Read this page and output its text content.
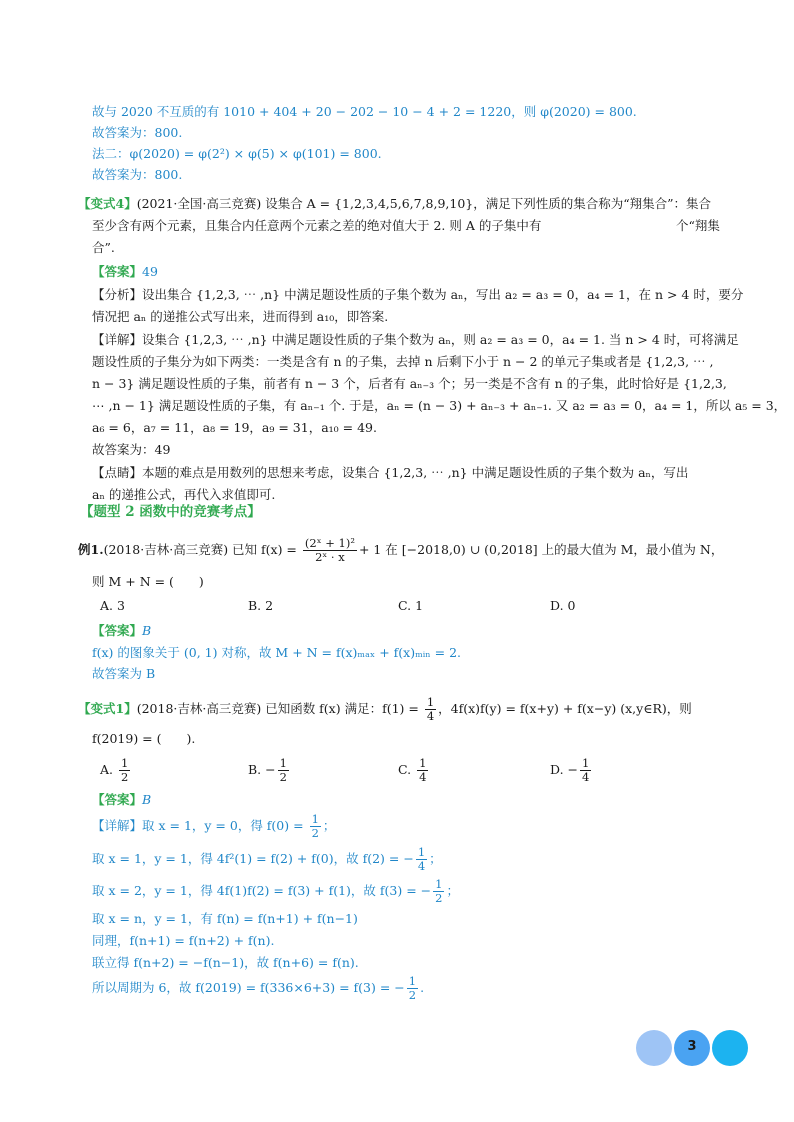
故与 2020 不互质的有 1010 + 404 + 20 − 202 − 10 − 4 + 2 = 1220，则 φ(2020) = 800.
故答案为：800.
法二：φ(2020) = φ(2²) × φ(5) × φ(101) = 800.
故答案为：800.
【变式4】(2021·全国·高三竞赛) 设集合 A = {1,2,3,4,5,6,7,8,9,10}，满足下列性质的集合称为“翔集合”：集合
至少含有两个元素，且集合内任意两个元素之差的绝对值大于 2. 则 A 的子集中有	个“翔集
合”.
【答案】49
【分析】设出集合 {1,2,3, ⋯ ,n} 中满足题设性质的子集个数为 aₙ，写出 a₂ = a₃ = 0，a₄ = 1，在 n > 4 时，要分
情况把 aₙ 的递推公式写出来，进而得到 a₁₀，即答案.
【详解】设集合 {1,2,3, ⋯ ,n} 中满足题设性质的子集个数为 aₙ，则 a₂ = a₃ = 0，a₄ = 1. 当 n > 4 时，可将满足
题设性质的子集分为如下两类：一类是含有 n 的子集，去掉 n 后剩下小于 n − 2 的单元子集或者是 {1,2,3, ⋯ ,
n − 3} 满足题设性质的子集，前者有 n − 3 个，后者有 aₙ₋₃ 个；另一类是不含有 n 的子集，此时恰好是 {1,2,3,
⋯ ,n − 1} 满足题设性质的子集，有 aₙ₋₁ 个. 于是，aₙ = (n − 3) + aₙ₋₃ + aₙ₋₁. 又 a₂ = a₃ = 0，a₄ = 1，所以 a₅ = 3，
a₆ = 6，a₇ = 11，a₈ = 19，a₉ = 31，a₁₀ = 49.
故答案为：49
【点睛】本题的难点是用数列的思想来考虑，设集合 {1,2,3, ⋯ ,n} 中满足题设性质的子集个数为 aₙ，写出
aₙ 的递推公式，再代入求值即可.
【题型 2 函数中的竞赛考点】
例1.(2018·吉林·高三竞赛) 已知 $f(x) = \frac{\text{(2ˣ + 1)²}}{\text{2ˣ · x}} + 1$ 在 [−2018,0) ∪ (0,2018] 上的最大值为 M，最小值为 N，
则 M + N = (　　)
A. 3	B. 2	C. 1	D. 0
【答案】B
f(x) 的图象关于 (0, 1) 对称，故 M + N = f(x)ₘₐₓ + f(x)ₘᵢₙ = 2.
故答案为 B
【变式1】(2018·吉林·高三竞赛) 已知函数 f(x) 满足：$f(1) = \frac{1}{4}$ ，4f(x)f(y) = f(x+y) + f(x−y) (x,y∈R)，则
f(2019) = (　　).
A. $\frac{1}{2}$	B. − $\frac{1}{2}$	C. $\frac{1}{4}$	D. − $\frac{1}{4}$
【答案】B
【详解】取 x = 1，y = 0，得 $f(0) = \frac{1}{2}$ ；
取 x = 1，y = 1，得 4f²(1) = f(2) + f(0)，故 f(2) = − $\frac{1}{4}$ ；
取 x = 2，y = 1，得 4f(1)f(2) = f(3) + f(1)，故 f(3) = − $\frac{1}{2}$ ；
取 x = n，y = 1，有 f(n) = f(n+1) + f(n−1)
同理，f(n+1) = f(n+2) + f(n).
联立得 f(n+2) = −f(n−1)，故 f(n+6) = f(n).
所以周期为 6，故 f(2019) = f(336×6+3) = f(3) = − $\frac{1}{2}$ .
3
